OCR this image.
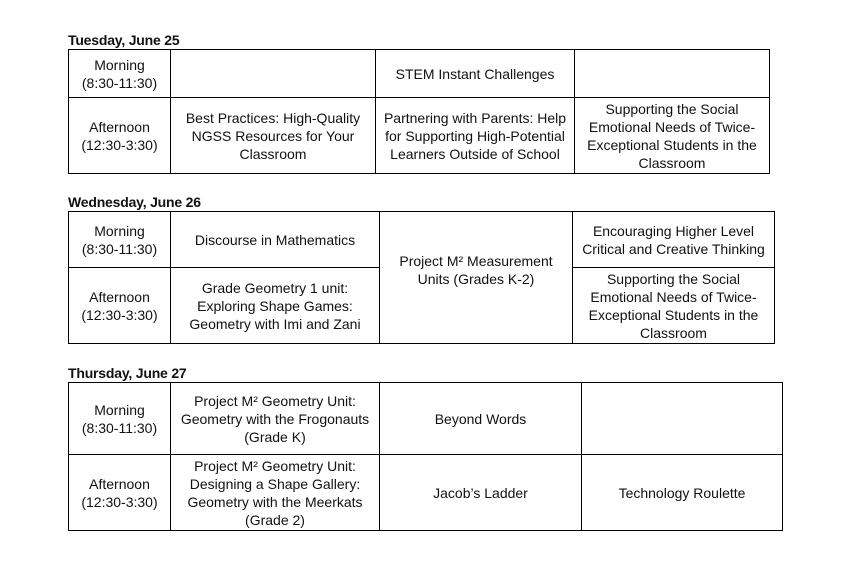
Tuesday, June 25
Morning
(8:30-11:30)		STEM Instant Challenges	

Afternoon
(12:30-3:30)	Best Practices: High-Quality NGSS Resources for Your Classroom	Partnering with Parents: Help for Supporting High-Potential Learners Outside of School	Supporting the Social Emotional Needs of Twice-Exceptional Students in the Classroom
Wednesday, June 26
Morning
(8:30-11:30)	Discourse in Mathematics	Project M² Measurement Units (Grades K-2)	Encouraging Higher Level Critical and Creative Thinking

Afternoon
(12:30-3:30)	Grade Geometry 1 unit: Exploring Shape Games: Geometry with Imi and Zani		Supporting the Social Emotional Needs of Twice-Exceptional Students in the Classroom
Thursday, June 27
Morning
(8:30-11:30)	Project M² Geometry Unit: Geometry with the Frogonauts (Grade K)	Beyond Words	

Afternoon
(12:30-3:30)	Project M² Geometry Unit: Designing a Shape Gallery: Geometry with the Meerkats (Grade 2)	Jacob’s Ladder	Technology Roulette
